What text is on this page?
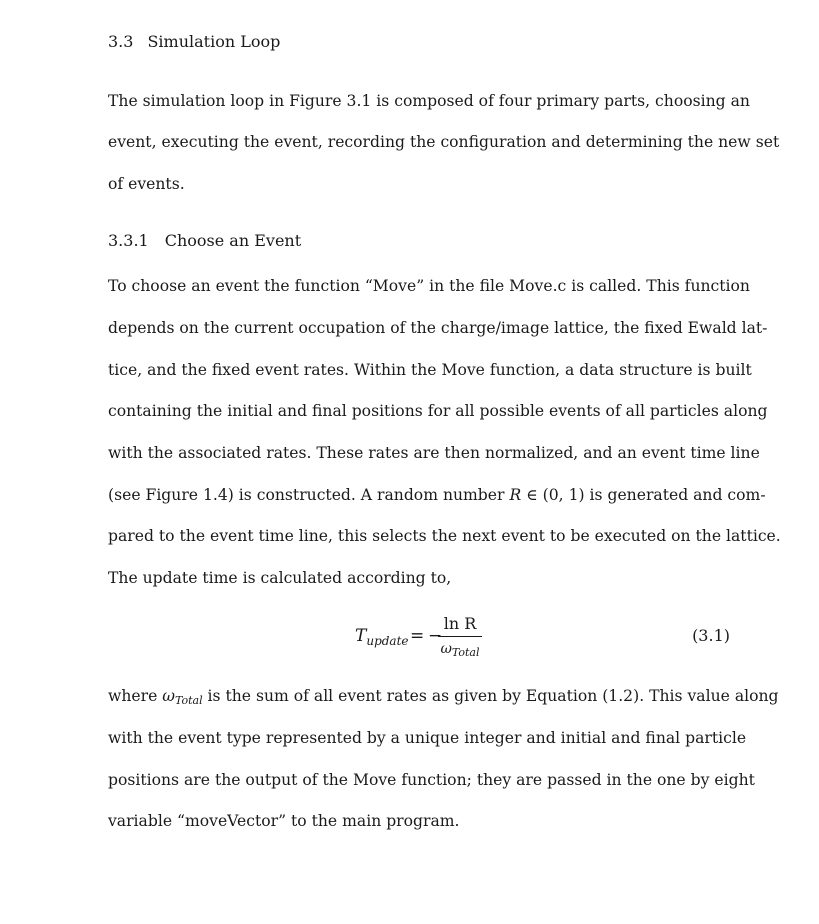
3.3 Simulation Loop
The simulation loop in Figure 3.1 is composed of four primary parts, choosing an
event, executing the event, recording the configuration and determining the new set
of events.
3.3.1 Choose an Event
To choose an event the function “Move” in the file Move.c is called. This function
depends on the current occupation of the charge/image lattice, the fixed Ewald lat-
tice, and the fixed event rates. Within the Move function, a data structure is built
containing the initial and final positions for all possible events of all particles along
with the associated rates. These rates are then normalized, and an event time line
(see Figure 1.4) is constructed. A random number R ∈ (0, 1) is generated and com-
pared to the event time line, this selects the next event to be executed on the lattice.
The update time is calculated according to,
$T_{update}$ = −
ln R
$\omega_{Total}$
(3.1)
where ωTotal is the sum of all event rates as given by Equation (1.2). This value along
with the event type represented by a unique integer and initial and final particle
positions are the output of the Move function; they are passed in the one by eight
variable “moveVector” to the main program.
